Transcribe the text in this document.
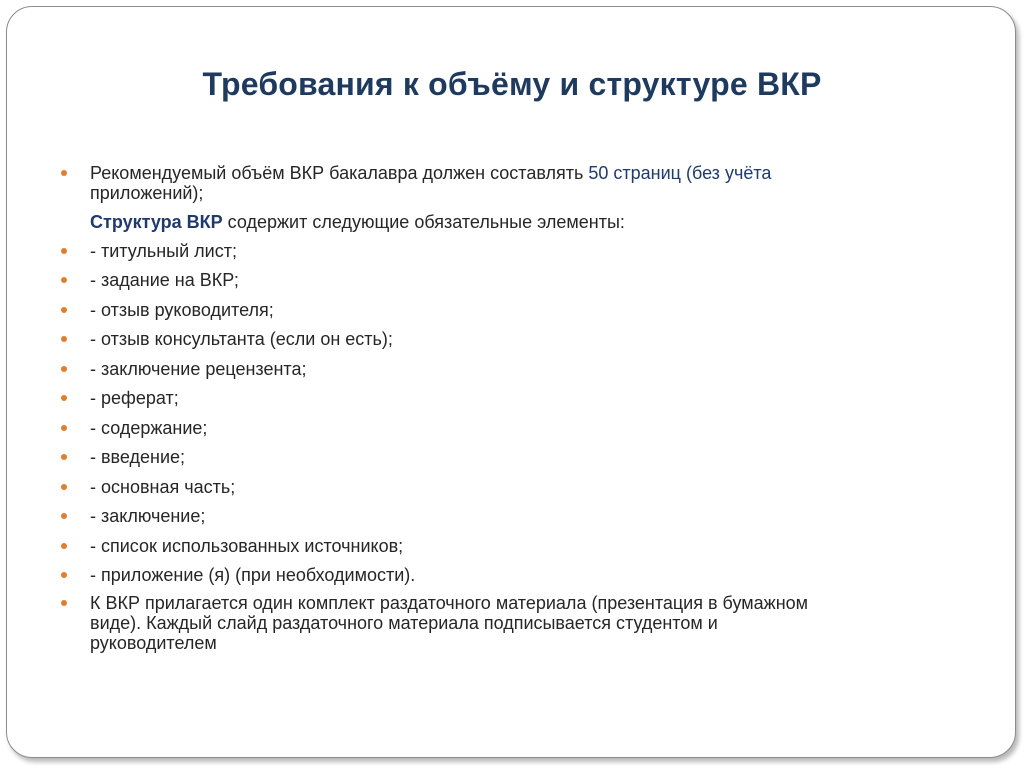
Требования к объёму и структуре ВКР
Рекомендуемый объём ВКР бакалавра должен составлять 50 страниц (без учёта
приложений);
Структура ВКР содержит следующие обязательные элементы:
- титульный лист;
- задание на ВКР;
- отзыв руководителя;
- отзыв консультанта (если он есть);
- заключение рецензента;
- реферат;
- содержание;
- введение;
- основная часть;
- заключение;
- список использованных источников;
- приложение (я) (при необходимости).
К ВКР прилагается один комплект раздаточного материала (презентация в бумажном
виде). Каждый слайд раздаточного материала подписывается студентом и
руководителем
